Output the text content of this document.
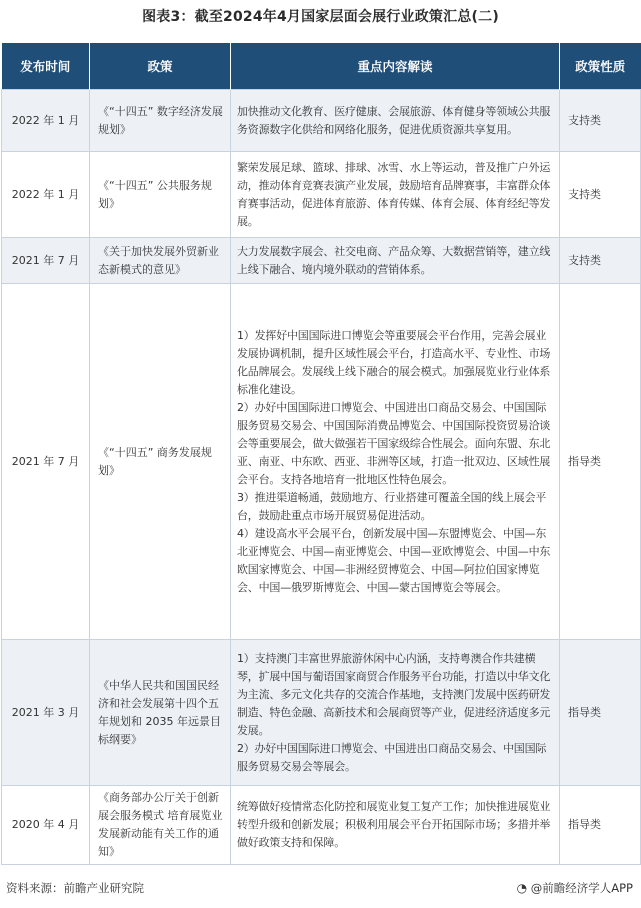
图表3：截至2024年4月国家层面会展行业政策汇总(二)
发布时间	政策	重点内容解读	政策性质
2022 年 1 月	《“十四五” 数字经济发展规划》	加快推动文化教育、医疗健康、会展旅游、体育健身等领域公共服务资源数字化供给和网络化服务，促进优质资源共享复用。	支持类
2022 年 1 月	《“十四五” 公共服务规划》	繁荣发展足球、篮球、排球、冰雪、水上等运动，普及推广户外运动，推动体育竞赛表演产业发展，鼓励培育品牌赛事，丰富群众体育赛事活动，促进体育旅游、体育传媒、体育会展、体育经纪等发展。	支持类
2021 年 7 月	《关于加快发展外贸新业态新模式的意见》	大力发展数字展会、社交电商、产品众筹、大数据营销等，建立线上线下融合、境内境外联动的营销体系。	支持类
2021 年 7 月	《“十四五” 商务发展规划》	1）发挥好中国国际进口博览会等重要展会平台作用，完善会展业发展协调机制，提升区域性展会平台，打造高水平、专业性、市场化品牌展会。发展线上线下融合的展会模式。加强展览业行业体系标准化建设。
2）办好中国国际进口博览会、中国进出口商品交易会、中国国际服务贸易交易会、中国国际消费品博览会、中国国际投资贸易洽谈会等重要展会，做大做强若干国家级综合性展会。面向东盟、东北亚、南亚、中东欧、西亚、非洲等区域，打造一批双边、区域性展会平台。支持各地培育一批地区性特色展会。
3）推进渠道畅通，鼓励地方、行业搭建可覆盖全国的线上展会平台，鼓励赴重点市场开展贸易促进活动。
4）建设高水平会展平台，创新发展中国—东盟博览会、中国—东北亚博览会、中国—南亚博览会、中国—亚欧博览会、中国—中东欧国家博览会、中国—非洲经贸博览会、中国—阿拉伯国家博览会、中国—俄罗斯博览会、中国—蒙古国博览会等展会。	指导类
2021 年 3 月	《中华人民共和国国民经济和社会发展第十四个五年规划和 2035 年远景目标纲要》	1）支持澳门丰富世界旅游休闲中心内涵，支持粤澳合作共建横琴，扩展中国与葡语国家商贸合作服务平台功能，打造以中华文化为主流、多元文化共存的交流合作基地，支持澳门发展中医药研发制造、特色金融、高新技术和会展商贸等产业，促进经济适度多元发展。
2）办好中国国际进口博览会、中国进出口商品交易会、中国国际服务贸易交易会等展会。	指导类
2020 年 4 月	《商务部办公厅关于创新展会服务模式 培育展览业发展新动能有关工作的通知》	统筹做好疫情常态化防控和展览业复工复产工作；加快推进展览业转型升级和创新发展；积极利用展会平台开拓国际市场；多措并举做好政策支持和保障。	指导类
资料来源：前瞻产业研究院	◔ @前瞻经济学人APP
